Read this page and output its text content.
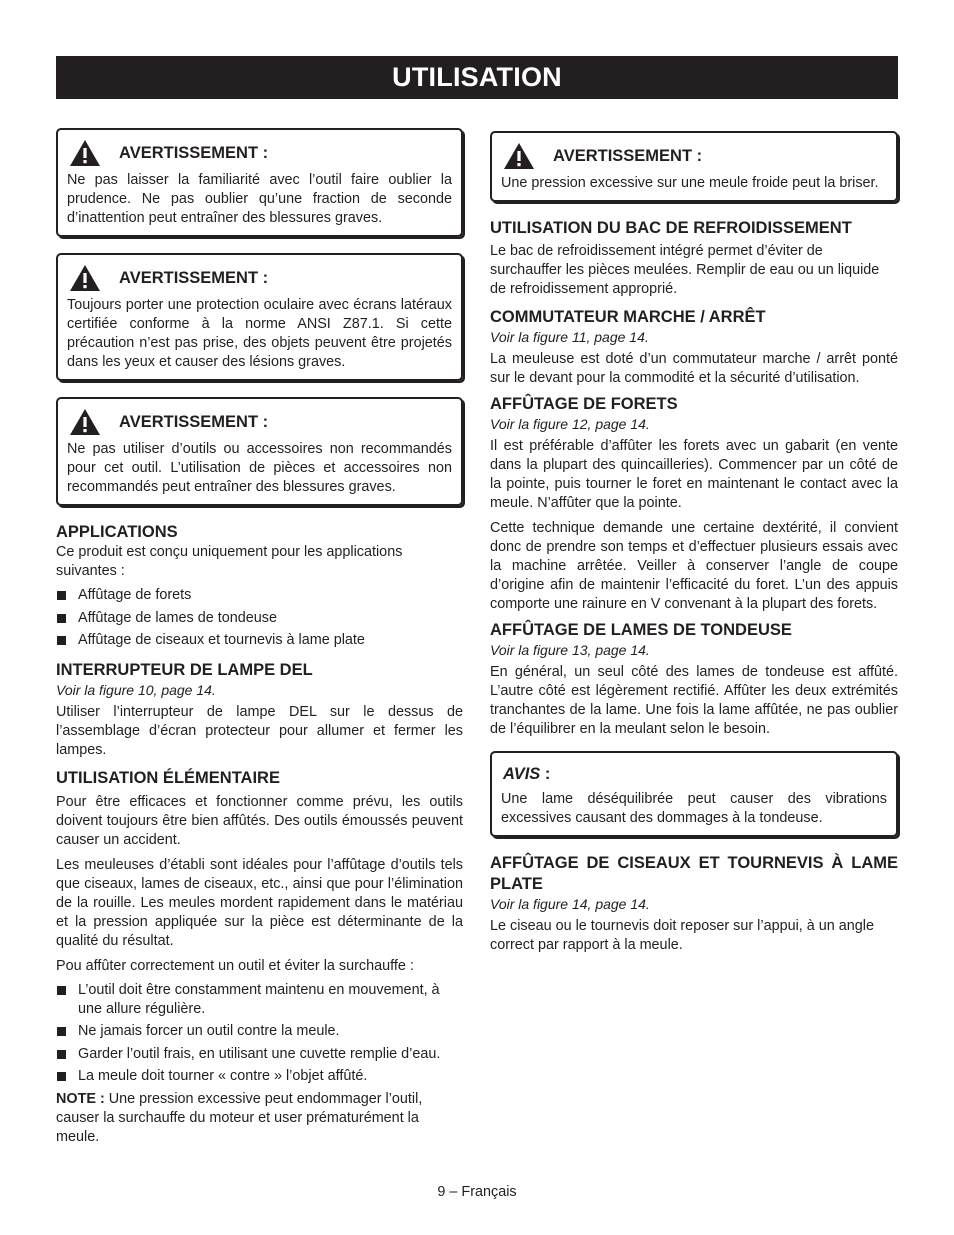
UTILISATION
AVERTISSEMENT :

Ne pas laisser la familiarité avec l’outil faire oublier la prudence. Ne pas oublier qu’une fraction de seconde d’inattention peut entraîner des blessures graves.

AVERTISSEMENT :

Toujours porter une protection oculaire avec écrans latéraux certifiée conforme à la norme ANSI Z87.1. Si cette précaution n’est pas prise, des objets peuvent être projetés dans les yeux et causer des lésions graves.

AVERTISSEMENT :

Ne pas utiliser d’outils ou accessoires non recommandés pour cet outil. L’utilisation de pièces et accessoires non recommandés peut entraîner des blessures graves.

APPLICATIONS

Ce produit est conçu uniquement pour les applications suivantes :

Affûtage de forets
Affûtage de lames de tondeuse
Affûtage de ciseaux et tournevis à lame plate
INTERRUPTEUR DE LAMPE DEL

Voir la figure 10, page 14.

Utiliser l’interrupteur de lampe DEL sur le dessus de l’assemblage d’écran protecteur pour allumer et fermer les lampes.

UTILISATION ÉLÉMENTAIRE

Pour être efficaces et fonctionner comme prévu, les outils doivent toujours être bien affûtés. Des outils émoussés peuvent causer un accident.

Les meuleuses d’établi sont idéales pour l’affûtage d’outils tels que ciseaux, lames de ciseaux, etc., ainsi que pour l’élimination de la rouille. Les meules mordent rapidement dans le matériau et la pression appliquée sur la pièce est déterminante de la qualité du résultat.

Pou affûter correctement un outil et éviter la surchauffe :

L’outil doit être constamment maintenu en mouvement, à une allure régulière.
Ne jamais forcer un outil contre la meule.
Garder l’outil frais, en utilisant une cuvette remplie d’eau.
La meule doit tourner « contre » l’objet affûté.

NOTE : Une pression excessive peut endommager l’outil, causer la surchauffe du moteur et user prématurément la meule.

AVERTISSEMENT :

Une pression excessive sur une meule froide peut la briser.

UTILISATION DU BAC DE REFROIDISSEMENT

Le bac de refroidissement intégré permet d’éviter de surchauffer les pièces meulées. Remplir de eau ou un liquide de refroidissement approprié.

COMMUTATEUR MARCHE / ARRÊT

Voir la figure 11, page 14.

La meuleuse est doté d’un commutateur marche / arrêt ponté sur le devant pour la commodité et la sécurité d’utilisation.

AFFÛTAGE DE FORETS

Voir la figure 12, page 14.

Il est préférable d’affûter les forets avec un gabarit (en vente dans la plupart des quincailleries). Commencer par un côté de la pointe, puis tourner le foret en maintenant le contact avec la meule. N’affûter que la pointe.

Cette technique demande une certaine dextérité, il convient donc de prendre son temps et d’effectuer plusieurs essais avec la machine arrêtée. Veiller à conserver l’angle de coupe d’origine afin de maintenir l’efficacité du foret. L’un des appuis comporte une rainure en V convenant à la plupart des forets.

AFFÛTAGE DE LAMES DE TONDEUSE

Voir la figure 13, page 14.

En général, un seul côté des lames de tondeuse est affûté. L’autre côté est légèrement rectifié. Affûter les deux extrémités tranchantes de la lame. Une fois la lame affûtée, ne pas oublier de l’équilibrer en la meulant selon le besoin.

AVIS :

Une lame déséquilibrée peut causer des vibrations excessives causant des dommages à la tondeuse.

AFFÛTAGE DE CISEAUX ET TOURNEVIS À LAME PLATE

Voir la figure 14, page 14.

Le ciseau ou le tournevis doit reposer sur l’appui, à un angle correct par rapport à la meule.

9 – Français
